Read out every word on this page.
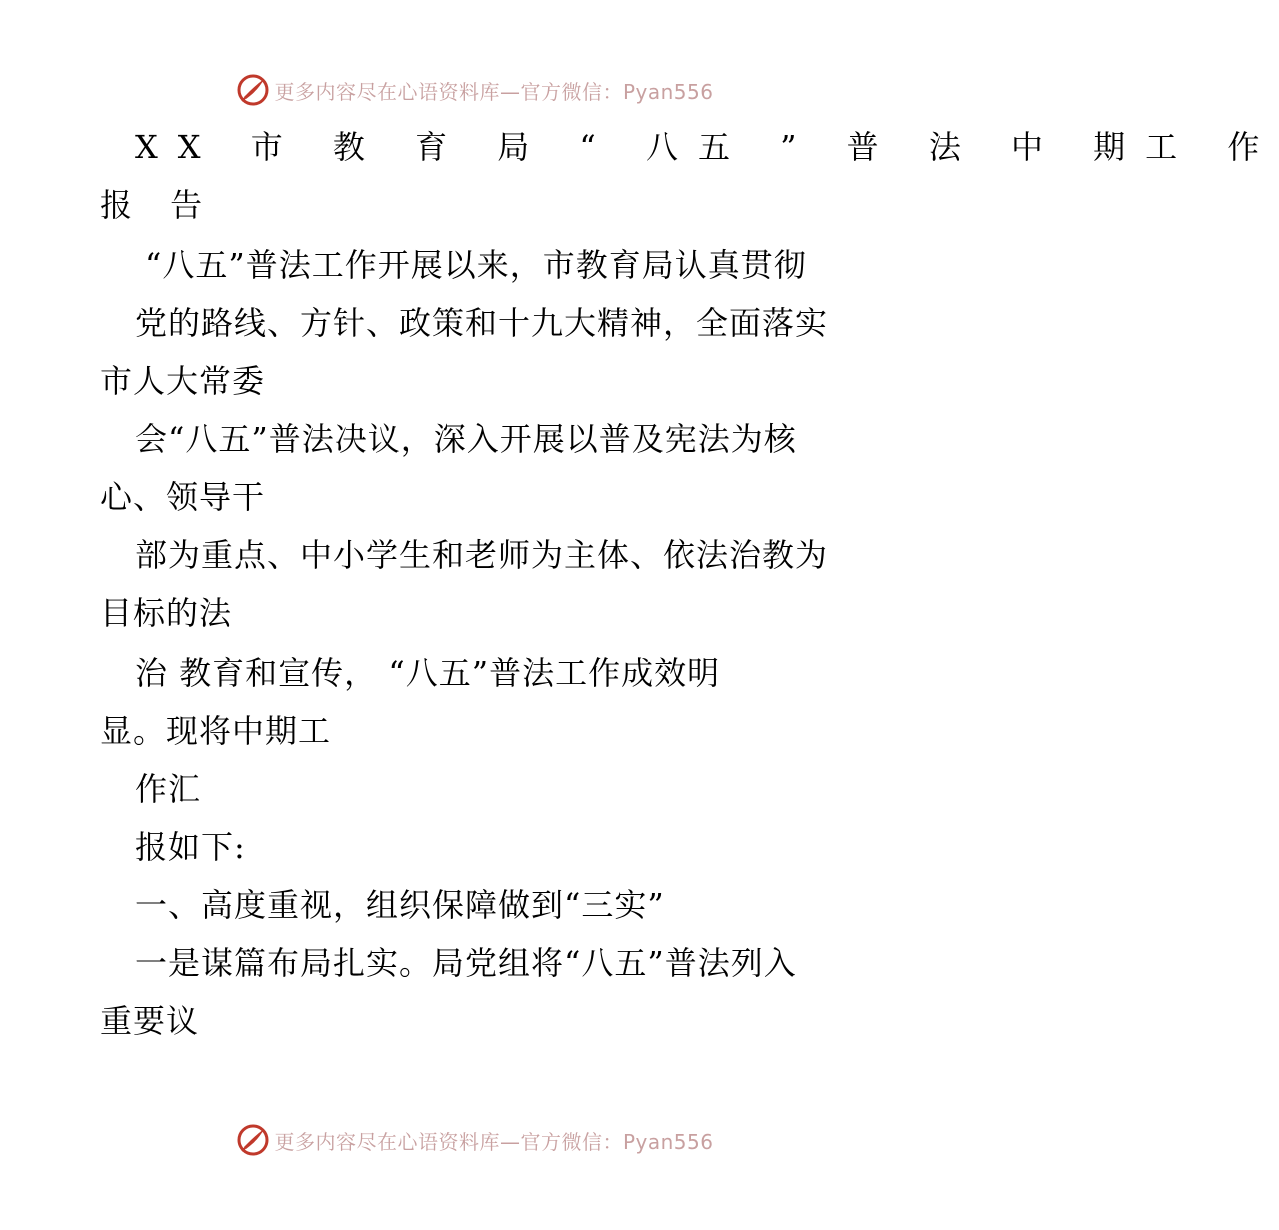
更多内容尽在心语资料库—官方微信：Pyan556
XX 市 教 育 局 “ 八五 ” 普 法 中 期工 作
报 告
“八五”普法工作开展以来，市教育局认真贯彻
党的路线、方针、政策和十九大精神，全面落实
市人大常委
会“八五”普法决议，深入开展以普及宪法为核
心、领导干
部为重点、中小学生和老师为主体、依法治教为
目标的法
治 教育和宣传， “八五”普法工作成效明
显。现将中期工
作汇
报如下:
一、高度重视，组织保障做到“三实”
一是谋篇布局扎实。局党组将“八五”普法列入
重要议
更多内容尽在心语资料库—官方微信：Pyan556
